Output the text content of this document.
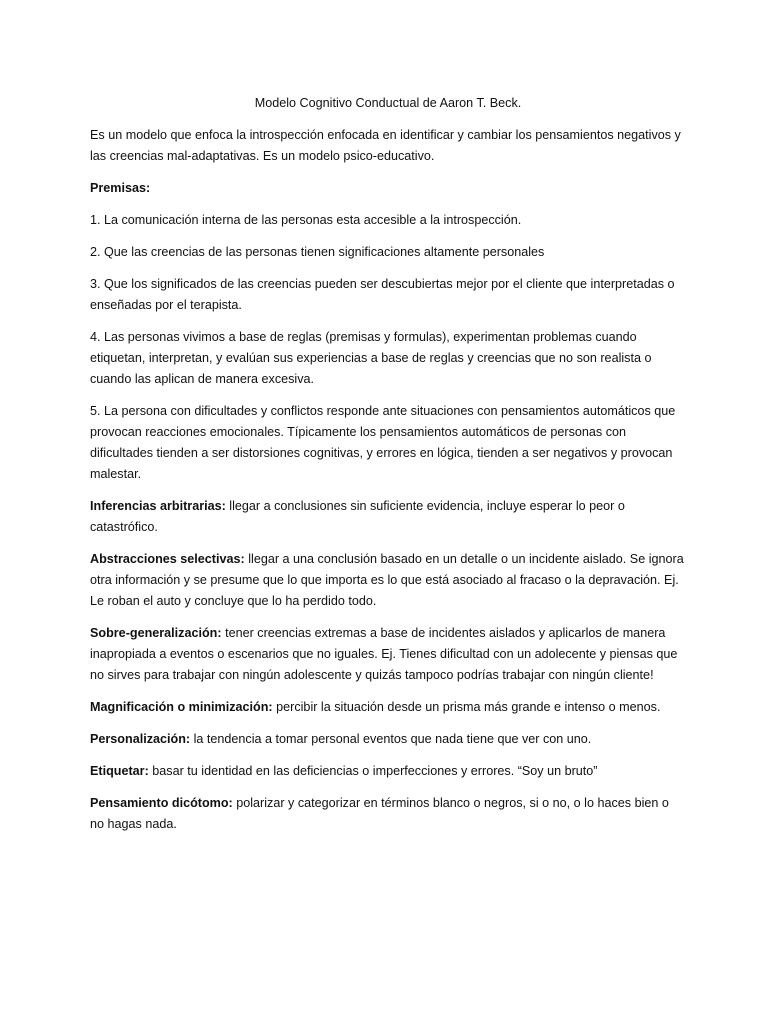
Modelo Cognitivo Conductual de Aaron T. Beck.

Es un modelo que enfoca la introspección enfocada en identificar y cambiar los pensamientos negativos y las creencias mal-adaptativas. Es un modelo psico-educativo.

Premisas:

1. La comunicación interna de las personas esta accesible a la introspección.

2. Que las creencias de las personas tienen significaciones altamente personales

3. Que los significados de las creencias pueden ser descubiertas mejor por el cliente que interpretadas o enseñadas por el terapista.

4. Las personas vivimos a base de reglas (premisas y formulas), experimentan problemas cuando etiquetan, interpretan, y evalúan sus experiencias a base de reglas y creencias que no son realista o cuando las aplican de manera excesiva.

5. La persona con dificultades y conflictos responde ante situaciones con pensamientos automáticos que provocan reacciones emocionales. Típicamente los pensamientos automáticos de personas con dificultades tienden a ser distorsiones cognitivas, y errores en lógica, tienden a ser negativos y provocan malestar.

Inferencias arbitrarias: llegar a conclusiones sin suficiente evidencia, incluye esperar lo peor o catastrófico.

Abstracciones selectivas: llegar a una conclusión basado en un detalle o un incidente aislado. Se ignora otra información y se presume que lo que importa es lo que está asociado al fracaso o la depravación. Ej. Le roban el auto y concluye que lo ha perdido todo.

Sobre-generalización: tener creencias extremas a base de incidentes aislados y aplicarlos de manera inapropiada a eventos o escenarios que no iguales. Ej. Tienes dificultad con un adolecente y piensas que no sirves para trabajar con ningún adolescente y quizás tampoco podrías trabajar con ningún cliente!

Magnificación o minimización: percibir la situación desde un prisma más grande e intenso o menos.

Personalización: la tendencia a tomar personal eventos que nada tiene que ver con uno.

Etiquetar: basar tu identidad en las deficiencias o imperfecciones y errores. “Soy un bruto”

Pensamiento dicótomo: polarizar y categorizar en términos blanco o negros, si o no, o lo haces bien o no hagas nada.
